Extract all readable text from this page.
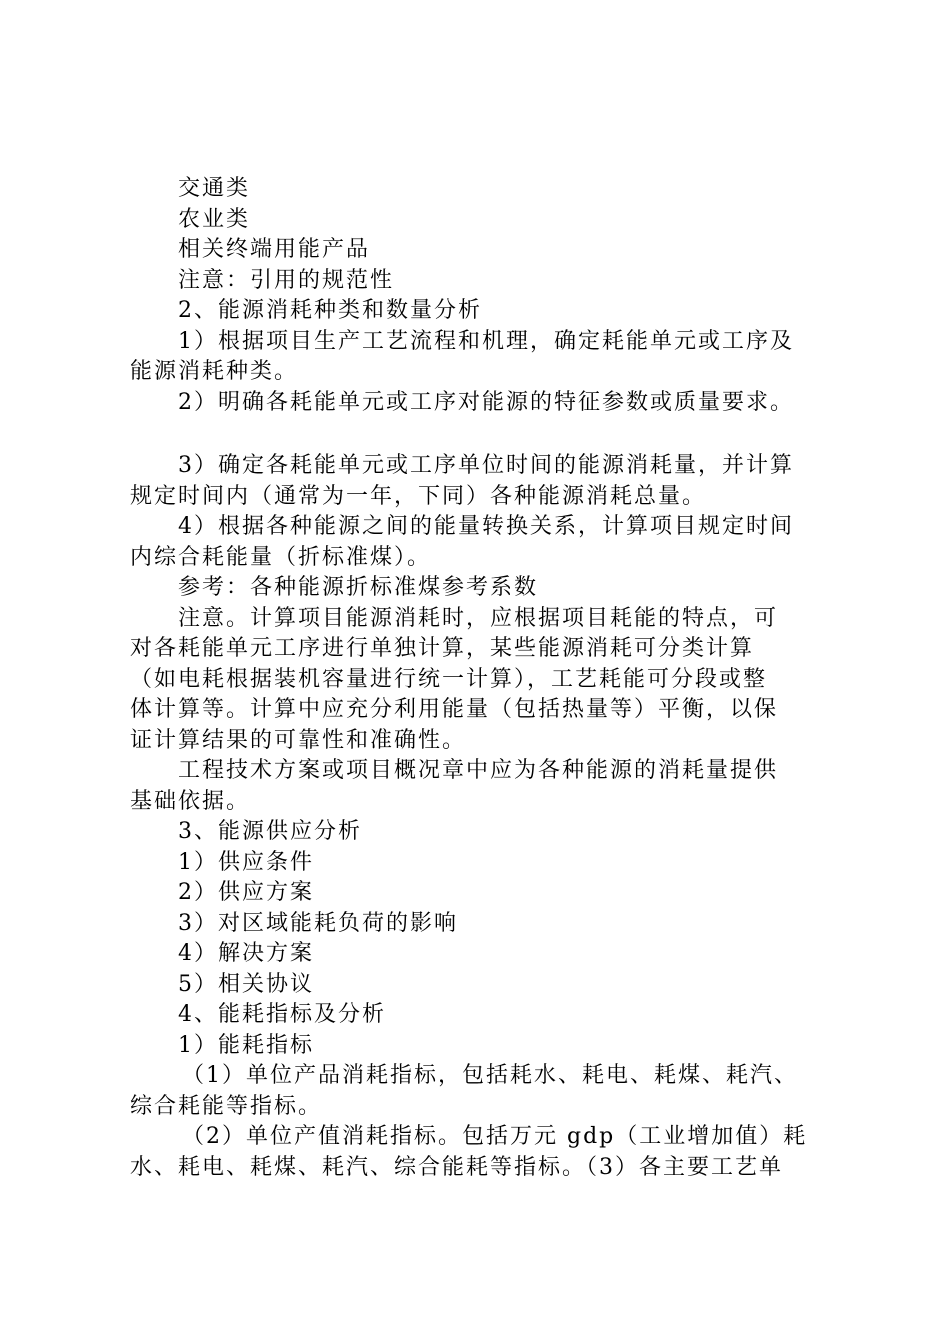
交通类

农业类

相关终端用能产品

注意：引用的规范性

2、能源消耗种类和数量分析

1）根据项目生产工艺流程和机理，确定耗能单元或工序及

能源消耗种类。

2）明确各耗能单元或工序对能源的特征参数或质量要求。

3）确定各耗能单元或工序单位时间的能源消耗量，并计算

规定时间内（通常为一年，下同）各种能源消耗总量。

4）根据各种能源之间的能量转换关系，计算项目规定时间

内综合耗能量（折标准煤）。

参考：各种能源折标准煤参考系数

注意。计算项目能源消耗时，应根据项目耗能的特点，可

对各耗能单元工序进行单独计算，某些能源消耗可分类计算

（如电耗根据装机容量进行统一计算），工艺耗能可分段或整

体计算等。计算中应充分利用能量（包括热量等）平衡，以保

证计算结果的可靠性和准确性。

工程技术方案或项目概况章中应为各种能源的消耗量提供

基础依据。

3、能源供应分析

1）供应条件

2）供应方案

3）对区域能耗负荷的影响

4）解决方案

5）相关协议

4、能耗指标及分析

1）能耗指标

（1）单位产品消耗指标，包括耗水、耗电、耗煤、耗汽、

综合耗能等指标。

（2）单位产值消耗指标。包括万元 gdp（工业增加值）耗

水、耗电、耗煤、耗汽、综合能耗等指标。（3）各主要工艺单
